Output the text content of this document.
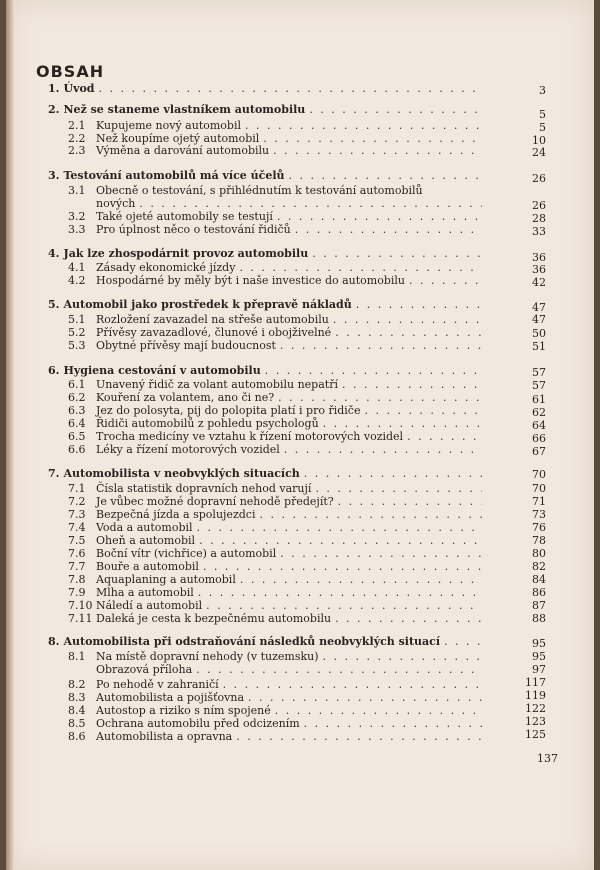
OBSAH
1. Úvod . . .	3
2. Než se staneme vlastníkem automobilu . . .	5
2.1 Kupujeme nový automobil . . .	5
2.2 Než koupíme ojetý automobil . . .	10
2.3 Výměna a darování automobilu . . .	24
3. Testování automobilů má více účelů . . .	26
3.1 Obecně o testování, s přihlédnutím k testování automobilů
nových . . .	26
3.2 Také ojeté automobily se testují . . .	28
3.3 Pro úplnost něco o testování řidičů . . .	33
4. Jak lze zhospodárnit provoz automobilu . . .	36
4.1 Zásady ekonomické jízdy . . .	36
4.2 Hospodárné by měly být i naše investice do automobilu . . .	42
5. Automobil jako prostředek k přepravě nákladů . . .	47
5.1 Rozložení zavazadel na střeše automobilu . . .	47
5.2 Přívěsy zavazadlové, člunové i obojživelné . . .	50
5.3 Obytné přívěsy mají budoucnost . . .	51
6. Hygiena cestování v automobilu . . .	57
6.1 Unavený řidič za volant automobilu nepatří . . .	57
6.2 Kouření za volantem, ano či ne? . . .	61
6.3 Jez do polosyta, pij do polopita platí i pro řidiče . . .	62
6.4 Řidiči automobilů z pohledu psychologů . . .	64
6.5 Trocha medicíny ve vztahu k řízení motorových vozidel . . .	66
6.6 Léky a řízení motorových vozidel . . .	67
7. Automobilista v neobvyklých situacích . . .	70
7.1 Čísla statistik dopravních nehod varují . . .	70
7.2 Je vůbec možné dopravní nehodě předejít? . . .	71
7.3 Bezpečná jízda a spolujezdci . . .	73
7.4 Voda a automobil . . .	76
7.5 Oheň a automobil . . .	78
7.6 Boční vítr (vichřice) a automobil . . .	80
7.7 Bouře a automobil . . .	82
7.8 Aquaplaning a automobil . . .	84
7.9 Mlha a automobil . . .	86
7.10 Náledí a automobil . . .	87
7.11 Daleká je cesta k bezpečnému automobilu . . .	88
8. Automobilista při odstraňování následků neobvyklých situací . . .	95
8.1 Na místě dopravní nehody (v tuzemsku) . . .	95
Obrazová příloha . . .	97
8.2 Po nehodě v zahraničí . . .	117
8.3 Automobilista a pojišťovna . . .	119
8.4 Autostop a riziko s ním spojené . . .	122
8.5 Ochrana automobilu před odcizením . . .	123
8.6 Automobilista a opravna . . .	125
137
